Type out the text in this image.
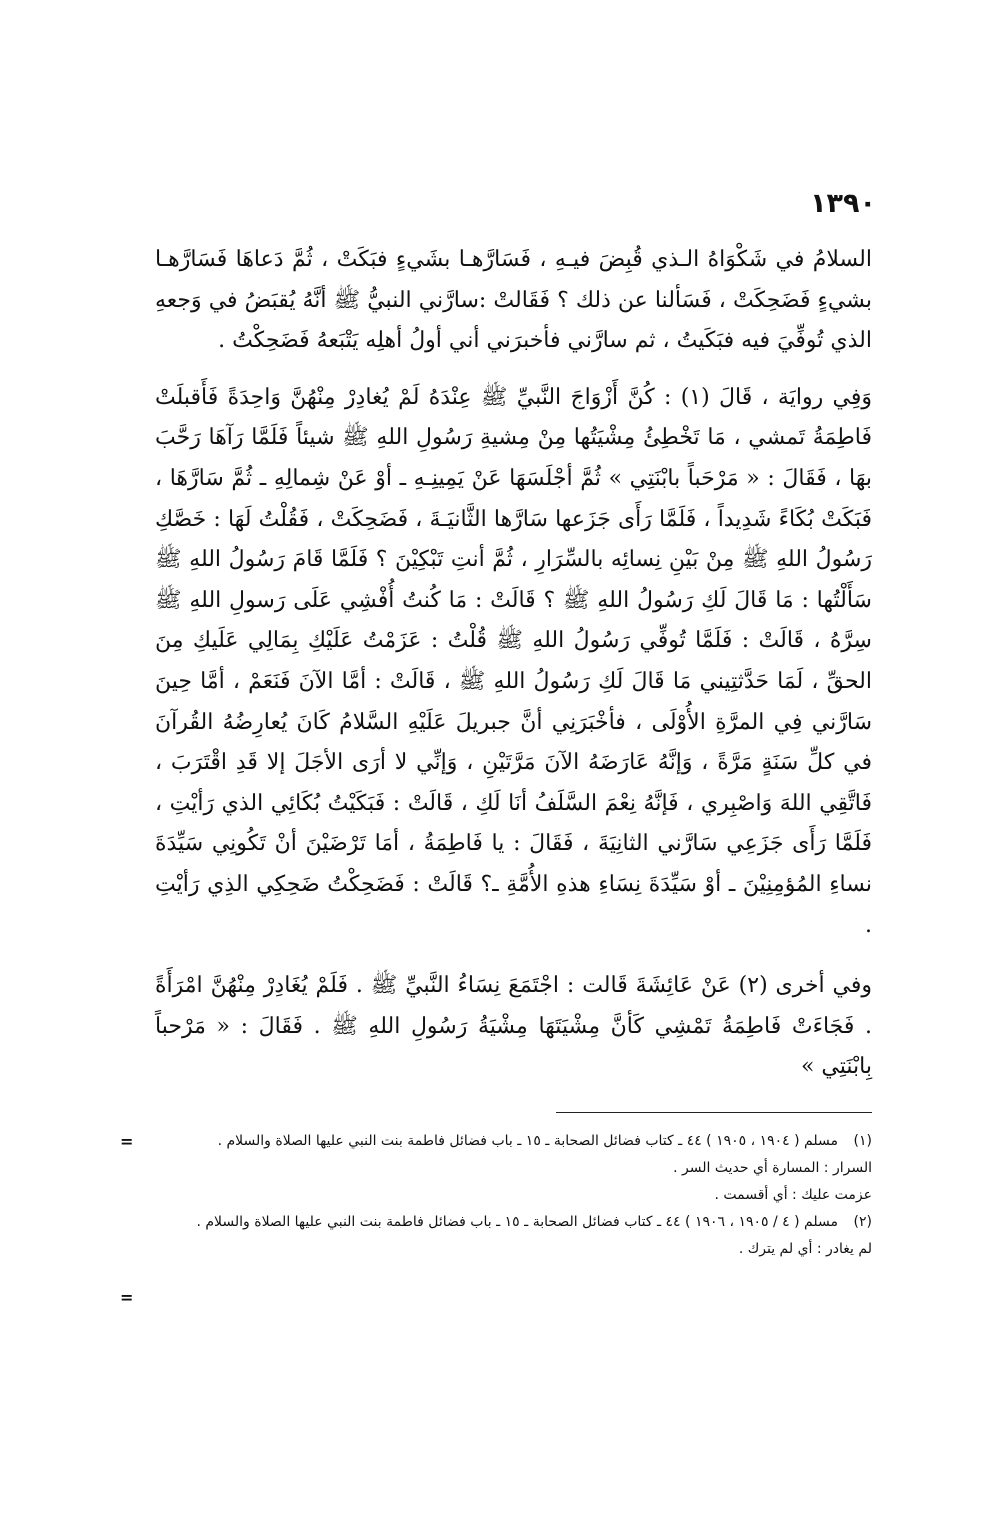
١٣٩٠

السلامُ في شَكْوَاهُ الـذي قُبِضَ فيـهِ ، فَسَارَّهـا بشَيءٍ فبَكَتْ ، ثُمَّ دَعاهَا فَسَارَّهـا بشيءٍ فَضَحِكَتْ ، فَسَألنا عن ذلك ؟ فَقَالتْ :سارَّني النبيُّ ﷺ أنَّهُ يُقبَضُ في وَجعهِ الذي تُوفِّيَ فيه فبَكَيتُ ، ثم سارَّني فأخبرَني أني أولُ أهلِه يَتْبَعهُ فَضَحِكْتُ .

وَفِي روايَة ، قَالَ (١) : كُنَّ أَزْوَاجَ النَّبيِّ ﷺ عِنْدَهُ لَمْ يُغادِرْ مِنْهُنَّ وَاحِدَةً فَأَقبلَتْ فَاطِمَةُ تَمشي ، مَا تَخْطِئُ مِشْيَتُها مِنْ مِشيةِ رَسُولِ اللهِ ﷺ شيئاً فَلَمَّا رَآهَا رَحَّبَ بهَا ، فَقَالَ : « مَرْحَباً بابْنَتِي » ثُمَّ أجْلَسَهَا عَنْ يَمِينِـهِ ـ أوْ عَنْ شِمالِهِ ـ ثُمَّ سَارَّهَا ، فَبَكَتْ بُكَاءً شَدِيداً ، فَلَمَّا رَأَى جَزَعها سَارَّها الثَّانيَـةَ ، فَضَحِكَتْ ، فَقُلْتُ لَهَا : خَصَّكِ رَسُولُ اللهِ ﷺ مِنْ بَيْنِ نِسائِه بالسِّرَارِ ، ثُمَّ أنتِ تَبْكِيْنَ ؟ فَلَمَّا قَامَ رَسُولُ اللهِ ﷺ سَأَلْتُها : مَا قَالَ لَكِ رَسُولُ اللهِ ﷺ ؟ قَالَتْ : مَا كُنتُ أُفْشِي عَلَى رَسولِ اللهِ ﷺ سِرَّهُ ، قَالَتْ : فَلَمَّا تُوفِّي رَسُولُ اللهِ ﷺ قُلْتُ : عَزَمْتُ عَلَيْكِ بِمَالِي عَلَيكِ مِنَ الحقِّ ، لَمَا حَدَّثتِيني مَا قَالَ لَكِ رَسُولُ اللهِ ﷺ ، قَالَتْ : أمَّا الآنَ فَنَعَمْ ، أمَّا حِينَ سَارَّني فِي المرَّةِ الأُوْلَى ، فأخْبَرَنِي أنَّ جبريلَ عَلَيْهِ السَّلامُ كَانَ يُعارِضُهُ القُرآنَ في كلِّ سَنَةٍ مَرَّةً ، وَإنَّهُ عَارَضَهُ الآنَ مَرَّتَيْنِ ، وَإنِّي لا أرَى الأجَلَ إلا قَدِ اقْتَرَبَ ، فَاتَّقِي اللهَ وَاصْبِري ، فَإنَّهُ نِعْمَ السَّلَفُ أنَا لَكِ ، قَالَتْ : فَبَكَيْتُ بُكَائِي الذي رَأيْتِ ، فَلَمَّا رَأَى جَزَعِي سَارَّني الثانِيَةَ ، فَقَالَ : يا فَاطِمَةُ ، أمَا تَرْضَيْنَ أنْ تَكُونِي سَيِّدَةَ نساءِ المُؤمِنِيْنَ ـ أوْ سَيِّدَةَ نِسَاءِ هذهِ الأُمَّةِ ـ؟ قَالَتْ : فَضَحِكْتُ ضَحِكِي الذِي رَأيْتِ .

وفي أخرى (٢) عَنْ عَائِشَةَ قَالت : اجْتَمَعَ نِسَاءُ النَّبيِّ ﷺ . فَلَمْ يُغَادِرْ مِنْهُنَّ امْرَأَةً . فَجَاءَتْ فَاطِمَةُ تَمْشِي كَأنَّ مِشْيَتَهَا مِشْيَةُ رَسُولِ اللهِ ﷺ . فَقَالَ : « مَرْحباً بِابْنَتِي »

(١)مسلم ( ١٩٠٤ ، ١٩٠٥ ) ٤٤ ـ كتاب فضائل الصحابة ـ ١٥ ـ باب فضائل فاطمة بنت النبي عليها الصلاة والسلام .

السرار : المسارة أي حديث السر .

عزمت عليك : أي أقسمت .

(٢)مسلم ( ٤ / ١٩٠٥ ، ١٩٠٦ ) ٤٤ ـ كتاب فضائل الصحابة ـ ١٥ ـ باب فضائل فاطمة بنت النبي عليها الصلاة والسلام .

لم يغادر : أي لم يترك .

=
=
